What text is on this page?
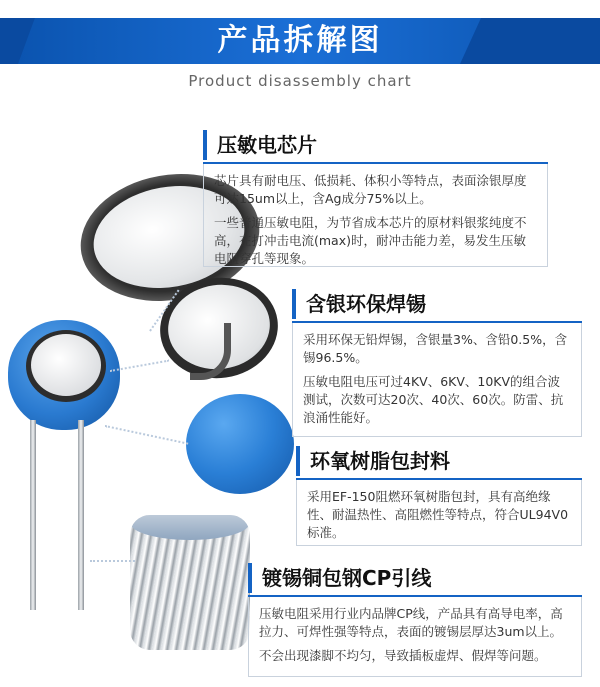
产品拆解图
Product disassembly chart
压敏电芯片

芯片具有耐电压、低损耗、体积小等特点，表面涂银厚度可达15um以上，含Ag成分75%以上。

一些普通压敏电阻，为节省成本芯片的原材料银浆纯度不高，在打冲击电流(max)时，耐冲击能力差，易发生压敏电阻穿孔等现象。

含银环保焊锡

采用环保无铅焊锡，含银量3%、含铅0.5%，含锡96.5%。

压敏电阻电压可过4KV、6KV、10KV的组合波测试，次数可达20次、40次、60次。防雷、抗浪涌性能好。

环氧树脂包封料

采用EF-150阻燃环氧树脂包封，具有高绝缘性、耐温热性、高阻燃性等特点，符合UL94V0标准。

镀锡铜包钢CP引线

压敏电阻采用行业内品牌CP线，产品具有高导电率，高拉力、可焊性强等特点，表面的镀锡层厚达3um以上。

不会出现漆脚不均匀，导致插板虚焊、假焊等问题。
